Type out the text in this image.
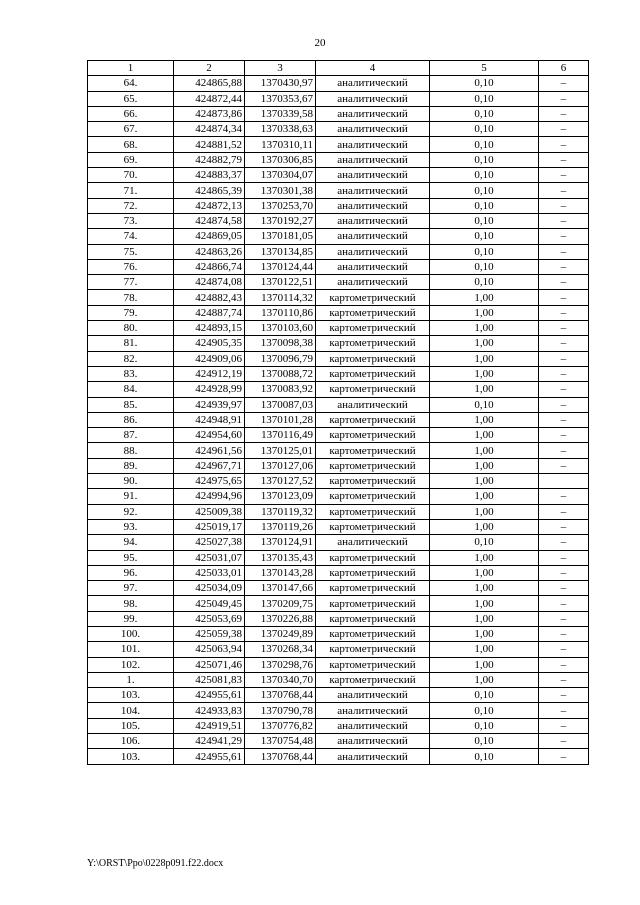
20
1	2	3	4	5	6
64.	424865,88	1370430,97	аналитический	0,10	–
65.	424872,44	1370353,67	аналитический	0,10	–
66.	424873,86	1370339,58	аналитический	0,10	–
67.	424874,34	1370338,63	аналитический	0,10	–
68.	424881,52	1370310,11	аналитический	0,10	–
69.	424882,79	1370306,85	аналитический	0,10	–
70.	424883,37	1370304,07	аналитический	0,10	–
71.	424865,39	1370301,38	аналитический	0,10	–
72.	424872,13	1370253,70	аналитический	0,10	–
73.	424874,58	1370192,27	аналитический	0,10	–
74.	424869,05	1370181,05	аналитический	0,10	–
75.	424863,26	1370134,85	аналитический	0,10	–
76.	424866,74	1370124,44	аналитический	0,10	–
77.	424874,08	1370122,51	аналитический	0,10	–
78.	424882,43	1370114,32	картометрический	1,00	–
79.	424887,74	1370110,86	картометрический	1,00	–
80.	424893,15	1370103,60	картометрический	1,00	–
81.	424905,35	1370098,38	картометрический	1,00	–
82.	424909,06	1370096,79	картометрический	1,00	–
83.	424912,19	1370088,72	картометрический	1,00	–
84.	424928,99	1370083,92	картометрический	1,00	–
85.	424939,97	1370087,03	аналитический	0,10	–
86.	424948,91	1370101,28	картометрический	1,00	–
87.	424954,60	1370116,49	картометрический	1,00	–
88.	424961,56	1370125,01	картометрический	1,00	–
89.	424967,71	1370127,06	картометрический	1,00	–
90.	424975,65	1370127,52	картометрический	1,00	
91.	424994,96	1370123,09	картометрический	1,00	–
92.	425009,38	1370119,32	картометрический	1,00	–
93.	425019,17	1370119,26	картометрический	1,00	–
94.	425027,38	1370124,91	аналитический	0,10	–
95.	425031,07	1370135,43	картометрический	1,00	–
96.	425033,01	1370143,28	картометрический	1,00	–
97.	425034,09	1370147,66	картометрический	1,00	–
98.	425049,45	1370209,75	картометрический	1,00	–
99.	425053,69	1370226,88	картометрический	1,00	–
100.	425059,38	1370249,89	картометрический	1,00	–
101.	425063,94	1370268,34	картометрический	1,00	–
102.	425071,46	1370298,76	картометрический	1,00	–
1.	425081,83	1370340,70	картометрический	1,00	–
103.	424955,61	1370768,44	аналитический	0,10	–
104.	424933,83	1370790,78	аналитический	0,10	–
105.	424919,51	1370776,82	аналитический	0,10	–
106.	424941,29	1370754,48	аналитический	0,10	–
103.	424955,61	1370768,44	аналитический	0,10	–
Y:\ORST\Ppo\0228p091.f22.docx
